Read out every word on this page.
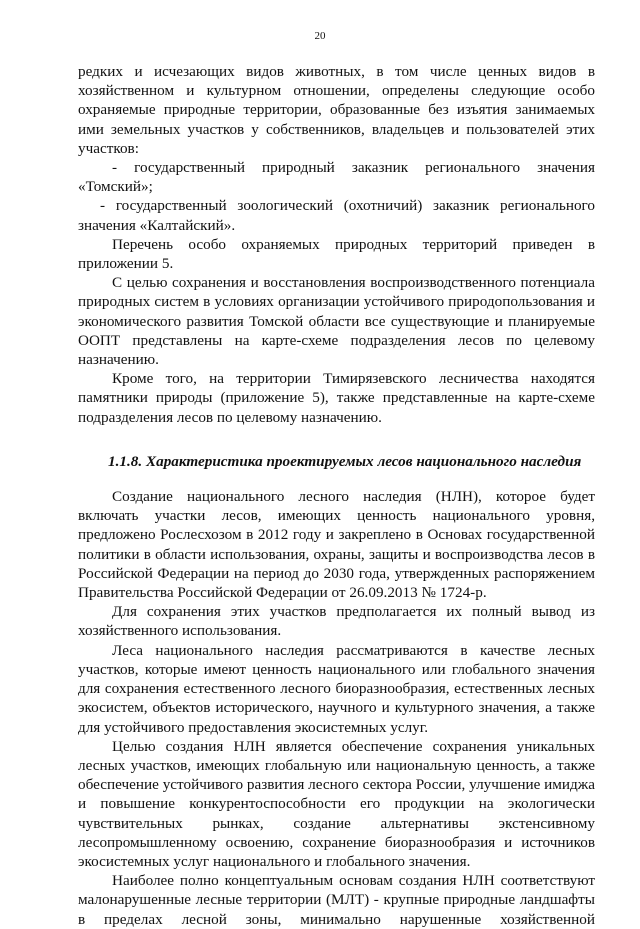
20

редких и исчезающих видов животных, в том числе ценных видов в хозяйственном и культурном отношении, определены следующие особо охраняемые природные территории, образованные без изъятия занимаемых ими земельных участков у собственников, владельцев и пользователей этих участков:

- государственный природный заказник регионального значения «Томский»;

- государственный зоологический (охотничий) заказник регионального значения «Калтайский».

Перечень особо охраняемых природных территорий приведен в приложении 5.

С целью сохранения и восстановления воспроизводственного потенциала природных систем в условиях организации устойчивого природопользования и экономического развития Томской области все существующие и планируемые ООПТ представлены на карте-схеме подразделения лесов по целевому назначению.

Кроме того, на территории Тимирязевского лесничества находятся памятники природы (приложение 5), также представленные на карте-схеме подразделения лесов по целевому назначению.

1.1.8. Характеристика проектируемых лесов национального наследия

Создание национального лесного наследия (НЛН), которое будет включать участки лесов, имеющих ценность национального уровня, предложено Рослесхозом в 2012 году и закреплено в Основах государственной политики в области использования, охраны, защиты и воспроизводства лесов в Российской Федерации на период до 2030 года, утвержденных распоряжением Правительства Российской Федерации от 26.09.2013 № 1724-р.

Для сохранения этих участков предполагается их полный вывод из хозяйственного использования.

Леса национального наследия рассматриваются в качестве лесных участков, которые имеют ценность национального или глобального значения для сохранения естественного лесного биоразнообразия, естественных лесных экосистем, объектов исторического, научного и культурного значения, а также для устойчивого предоставления экосистемных услуг.

Целью создания НЛН является обеспечение сохранения уникальных лесных участков, имеющих глобальную или национальную ценность, а также обеспечение устойчивого развития лесного сектора России, улучшение имиджа и повышение конкурентоспособности его продукции на экологически чувствительных рынках, создание альтернативы экстенсивному лесопромышленному освоению, сохранение биоразнообразия и источников экосистемных услуг национального и глобального значения.

Наиболее полно концептуальным основам создания НЛН соответствуют малонарушенные лесные территории (МЛТ) - крупные природные ландшафты в пределах лесной зоны, минимально нарушенные хозяйственной
